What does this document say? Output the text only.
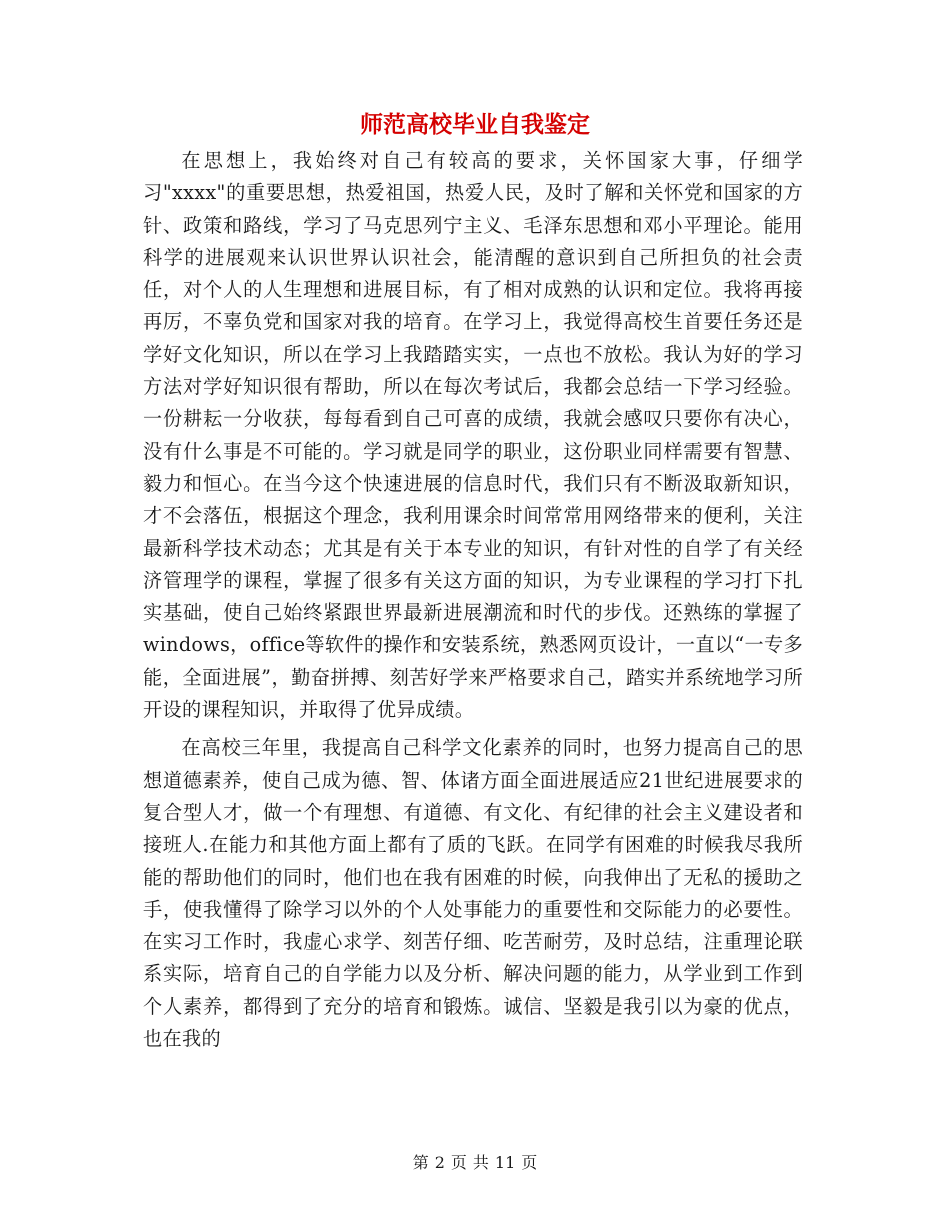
师范高校毕业自我鉴定

在思想上，我始终对自己有较高的要求，关怀国家大事，仔细学习"xxxx"的重要思想，热爱祖国，热爱人民，及时了解和关怀党和国家的方针、政策和路线，学习了马克思列宁主义、毛泽东思想和邓小平理论。能用科学的进展观来认识世界认识社会，能清醒的意识到自己所担负的社会责任，对个人的人生理想和进展目标，有了相对成熟的认识和定位。我将再接再厉，不辜负党和国家对我的培育。在学习上，我觉得高校生首要任务还是学好文化知识，所以在学习上我踏踏实实，一点也不放松。我认为好的学习方法对学好知识很有帮助，所以在每次考试后，我都会总结一下学习经验。一份耕耘一分收获，每每看到自己可喜的成绩，我就会感叹只要你有决心，没有什么事是不可能的。学习就是同学的职业，这份职业同样需要有智慧、毅力和恒心。在当今这个快速进展的信息时代，我们只有不断汲取新知识，才不会落伍，根据这个理念，我利用课余时间常常用网络带来的便利，关注最新科学技术动态；尤其是有关于本专业的知识，有针对性的自学了有关经济管理学的课程，掌握了很多有关这方面的知识，为专业课程的学习打下扎实基础，使自己始终紧跟世界最新进展潮流和时代的步伐。还熟练的掌握了windows，office等软件的操作和安装系统，熟悉网页设计，一直以“一专多能，全面进展”，勤奋拼搏、刻苦好学来严格要求自己，踏实并系统地学习所开设的课程知识，并取得了优异成绩。

在高校三年里，我提高自己科学文化素养的同时，也努力提高自己的思想道德素养，使自己成为德、智、体诸方面全面进展适应21世纪进展要求的复合型人才，做一个有理想、有道德、有文化、有纪律的社会主义建设者和接班人.在能力和其他方面上都有了质的飞跃。在同学有困难的时候我尽我所能的帮助他们的同时，他们也在我有困难的时候，向我伸出了无私的援助之手，使我懂得了除学习以外的个人处事能力的重要性和交际能力的必要性。在实习工作时，我虚心求学、刻苦仔细、吃苦耐劳，及时总结，注重理论联系实际，培育自己的自学能力以及分析、解决问题的能力，从学业到工作到个人素养，都得到了充分的培育和锻炼。诚信、坚毅是我引以为豪的优点，也在我的

第 2 页 共 11 页
